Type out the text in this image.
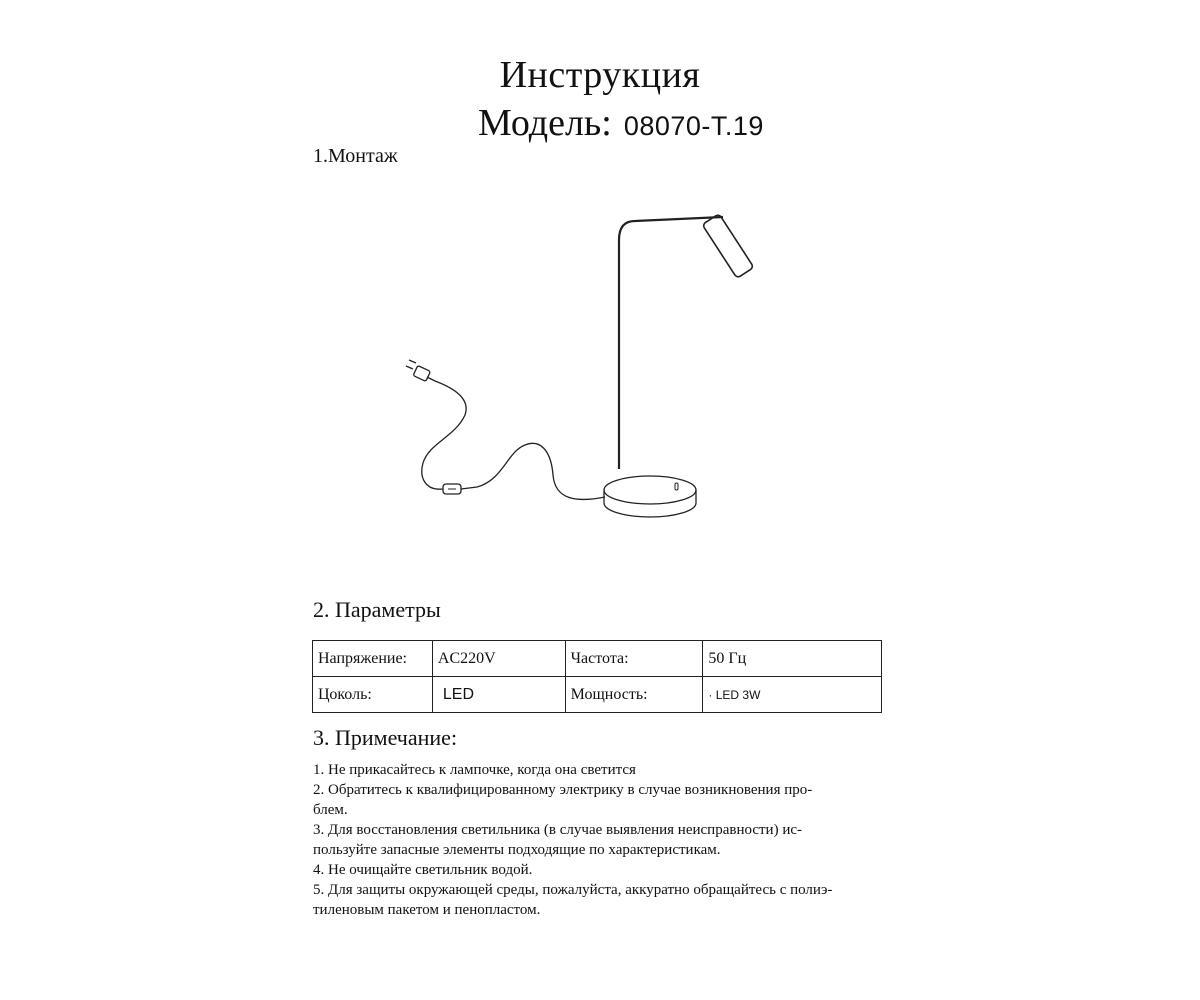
Инструкция
Модель: 08070-T.19
1.Монтаж
2. Параметры
Напряжение:	AC220V	Частота:	50 Гц
Цоколь:	LED	Мощность:	· LED 3W
3. Примечание:
1. Не прикасайтесь к лампочке, когда она светится
2. Обратитесь к квалифицированному электрику в случае возникновения про-
блем.
3. Для восстановления светильника (в случае выявления неисправности) ис-
пользуйте запасные элементы подходящие по характеристикам.
4. Не очищайте светильник водой.
5. Для защиты окружающей среды, пожалуйста, аккуратно обращайтесь с полиэ-
тиленовым пакетом и пенопластом.
